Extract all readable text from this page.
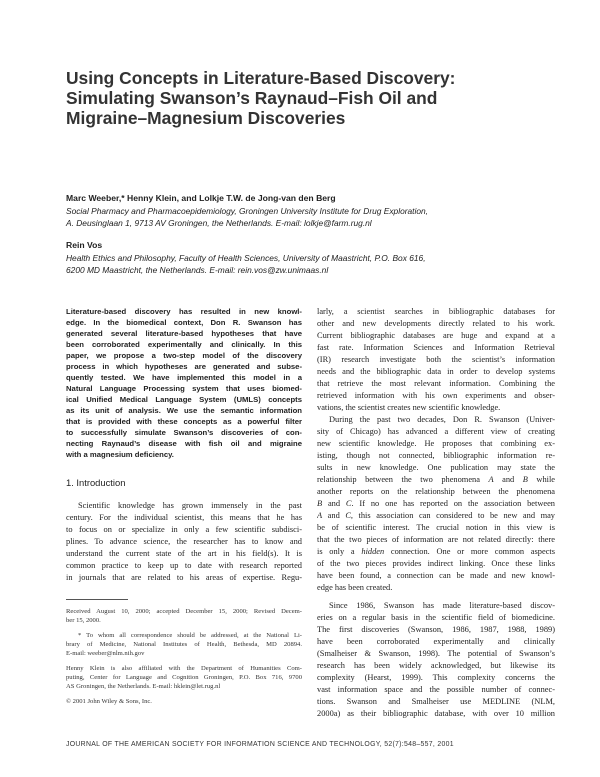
Using Concepts in Literature-Based Discovery:
Simulating Swanson’s Raynaud–Fish Oil and
Migraine–Magnesium Discoveries
Marc Weeber,* Henny Klein, and Lolkje T.W. de Jong-van den Berg
Social Pharmacy and Pharmacoepidemiology, Groningen University Institute for Drug Exploration,
A. Deusinglaan 1, 9713 AV Groningen, the Netherlands. E-mail: lolkje@farm.rug.nl
Rein Vos
Health Ethics and Philosophy, Faculty of Health Sciences, University of Maastricht, P.O. Box 616,
6200 MD Maastricht, the Netherlands. E-mail: rein.vos@zw.unimaas.nl
Literature-based discovery has resulted in new knowl-
edge. In the biomedical context, Don R. Swanson has
generated several literature-based hypotheses that have
been corroborated experimentally and clinically. In this
paper, we propose a two-step model of the discovery
process in which hypotheses are generated and subse-
quently tested. We have implemented this model in a
Natural Language Processing system that uses biomed-
ical Unified Medical Language System (UMLS) concepts
as its unit of analysis. We use the semantic information
that is provided with these concepts as a powerful filter
to successfully simulate Swanson’s discoveries of con-
necting Raynaud’s disease with fish oil and migraine
with a magnesium deficiency.
1. Introduction
Scientific knowledge has grown immensely in the past
century. For the individual scientist, this means that he has
to focus on or specialize in only a few scientific subdisci-
plines. To advance science, the researcher has to know and
understand the current state of the art in his field(s). It is
common practice to keep up to date with research reported
in journals that are related to his areas of expertise. Regu-
Received August 10, 2000; accepted December 15, 2000; Revised Decem-
ber 15, 2000.
* To whom all correspondence should be addressed, at the National Li-
brary of Medicine, National Institutes of Health, Bethesda, MD 20894.
E-mail: weeber@nlm.nih.gov
Henny Klein is also affiliated with the Department of Humanities Com-
puting, Center for Language and Cognition Groningen, P.O. Box 716, 9700
AS Groningen, the Netherlands. E-mail: hklein@let.rug.nl
© 2001 John Wiley & Sons, Inc.
larly, a scientist searches in bibliographic databases for
other and new developments directly related to his work.
Current bibliographic databases are huge and expand at a
fast rate. Information Sciences and Information Retrieval
(IR) research investigate both the scientist’s information
needs and the bibliographic data in order to develop systems
that retrieve the most relevant information. Combining the
retrieved information with his own experiments and obser-
vations, the scientist creates new scientific knowledge.
During the past two decades, Don R. Swanson (Univer-
sity of Chicago) has advanced a different view of creating
new scientific knowledge. He proposes that combining ex-
isting, though not connected, bibliographic information re-
sults in new knowledge. One publication may state the
relationship between the two phenomena A and B while
another reports on the relationship between the phenomena
B and C. If no one has reported on the association between
A and C, this association can considered to be new and may
be of scientific interest. The crucial notion in this view is
that the two pieces of information are not related directly: there
is only a hidden connection. One or more common aspects
of the two pieces provides indirect linking. Once these links
have been found, a connection can be made and new knowl-
edge has been created.
Since 1986, Swanson has made literature-based discov-
eries on a regular basis in the scientific field of biomedicine.
The first discoveries (Swanson, 1986, 1987, 1988, 1989)
have been corroborated experimentally and clinically
(Smalheiser & Swanson, 1998). The potential of Swanson’s
research has been widely acknowledged, but likewise its
complexity (Hearst, 1999). This complexity concerns the
vast information space and the possible number of connec-
tions. Swanson and Smalheiser use MEDLINE (NLM,
2000a) as their bibliographic database, with over 10 million
JOURNAL OF THE AMERICAN SOCIETY FOR INFORMATION SCIENCE AND TECHNOLOGY, 52(7):548–557, 2001
